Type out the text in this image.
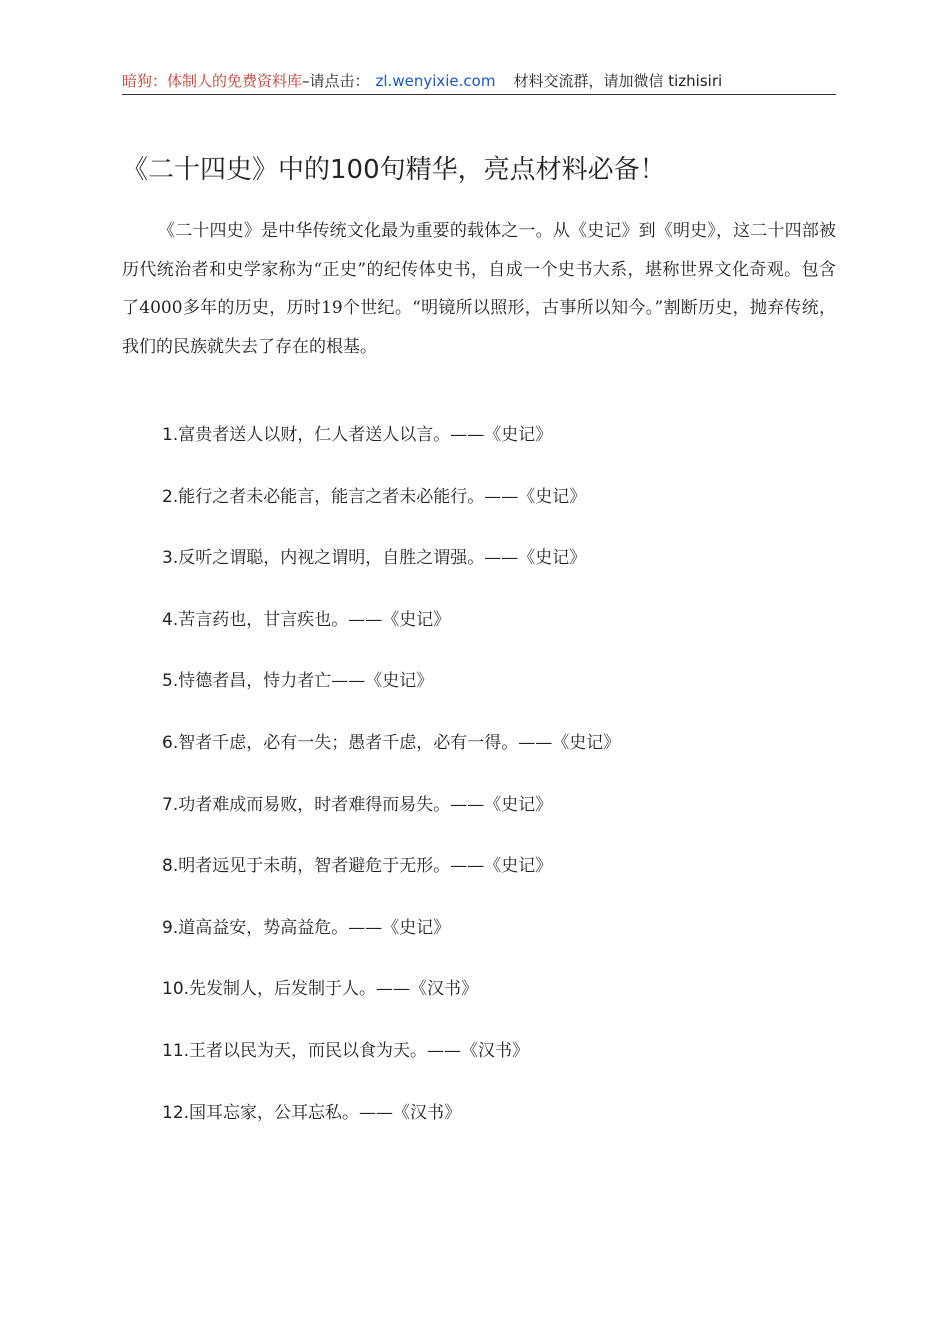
暗狗：体制人的免费资料库–请点击： zl.wenyixie.com 材料交流群，请加微信 tizhisiri
《二十四史》中的100句精华，亮点材料必备！

《二十四史》是中华传统文化最为重要的载体之一。从《史记》到《明史》，这二十四部被历代统治者和史学家称为“正史”的纪传体史书，自成一个史书大系，堪称世界文化奇观。包含了4000多年的历史，历时19个世纪。“明镜所以照形，古事所以知今。”割断历史，抛弃传统，我们的民族就失去了存在的根基。

1.富贵者送人以财，仁人者送人以言。——《史记》
2.能行之者未必能言，能言之者未必能行。——《史记》
3.反听之谓聪，内视之谓明，自胜之谓强。——《史记》
4.苦言药也，甘言疾也。——《史记》
5.恃德者昌，恃力者亡——《史记》
6.智者千虑，必有一失；愚者千虑，必有一得。——《史记》
7.功者难成而易败，时者难得而易失。——《史记》
8.明者远见于未萌，智者避危于无形。——《史记》
9.道高益安，势高益危。——《史记》
10.先发制人，后发制于人。——《汉书》
11.王者以民为天，而民以食为天。——《汉书》
12.国耳忘家，公耳忘私。——《汉书》
